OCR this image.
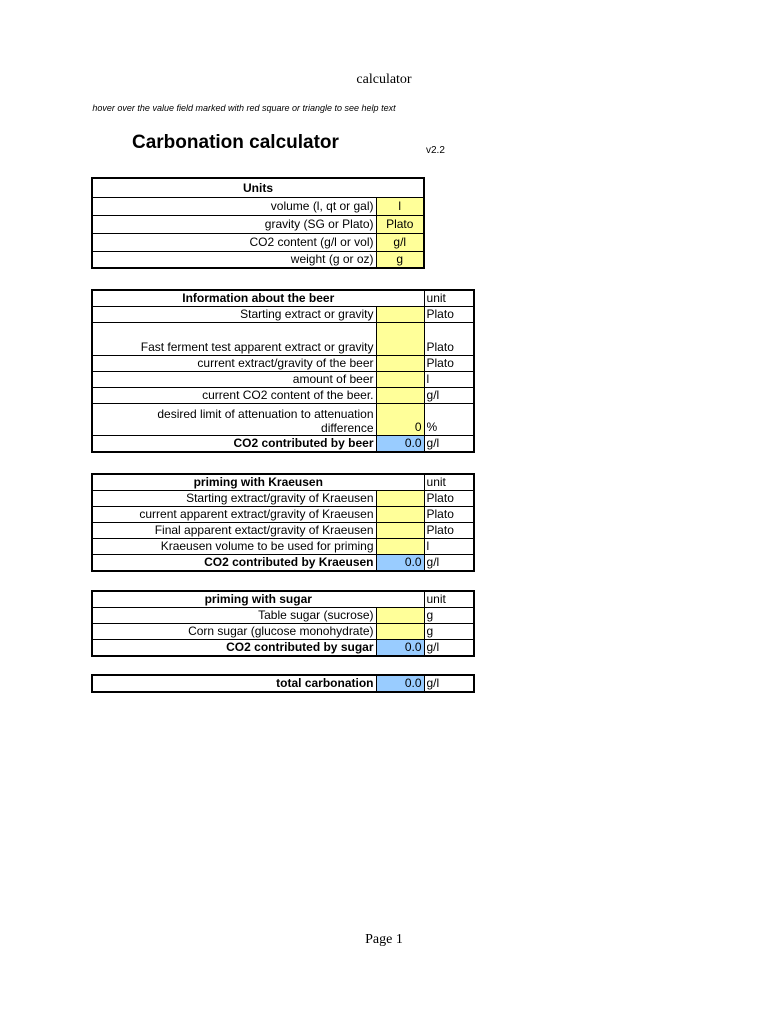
calculator
hover over the value field marked with red square or triangle to see help text
Carbonation calculator	v2.2
Units	
volume (l, qt or gal)	l
gravity (SG or Plato)	Plato
CO2 content (g/l or vol)	g/l
weight (g or oz)	g
Information about the beer		unit
Starting extract or gravity		Plato
Fast ferment test apparent extract or gravity		Plato
current extract/gravity of the beer		Plato
amount of beer		l
current CO2 content of the beer.		g/l
desired limit of attenuation to attenuation difference	0	%
CO2 contributed by beer	0.0	g/l
priming with Kraeusen		unit
Starting extract/gravity of Kraeusen		Plato
current apparent extract/gravity of Kraeusen		Plato
Final apparent extact/gravity of Kraeusen		Plato
Kraeusen volume to be used for priming		l
CO2 contributed by Kraeusen	0.0	g/l
priming with sugar		unit
Table sugar (sucrose)		g
Corn sugar (glucose monohydrate)		g
CO2 contributed by sugar	0.0	g/l
total carbonation	0.0	g/l
Page 1
